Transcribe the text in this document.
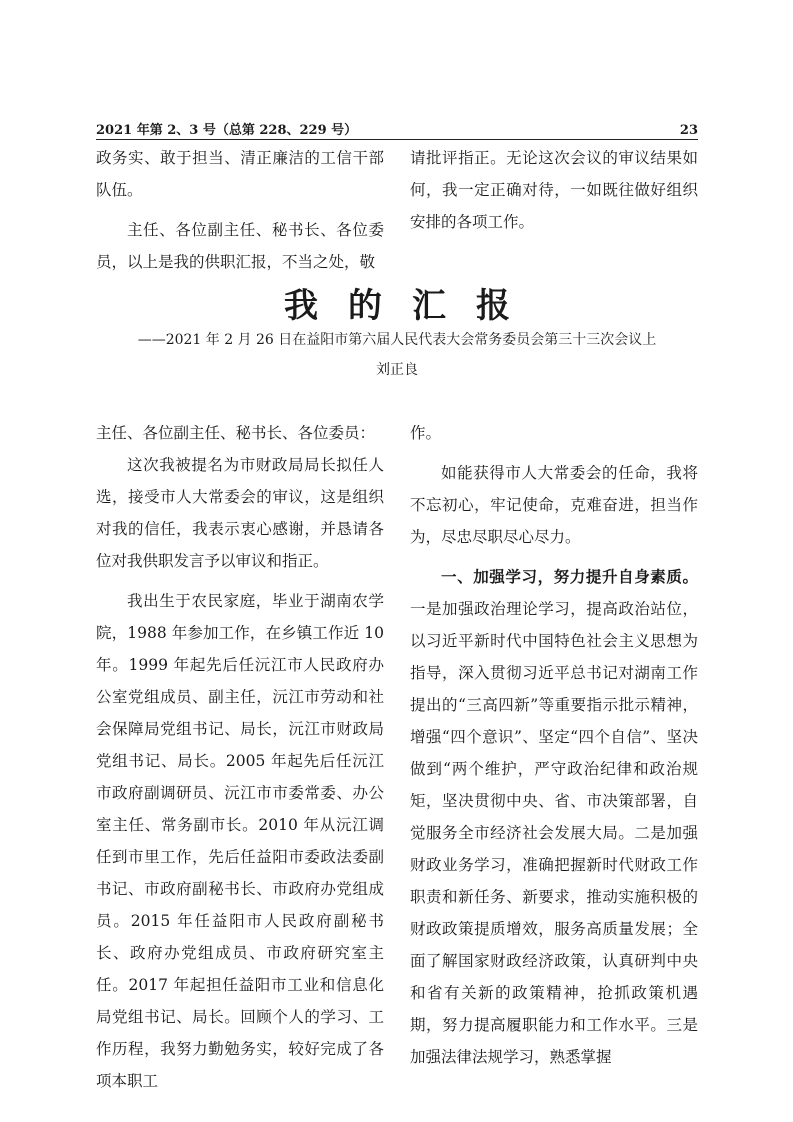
2021 年第 2、3 号（总第 228、229 号）	23

政务实、敢于担当、清正廉洁的工信干部队伍。

主任、各位副主任、秘书长、各位委员，以上是我的供职汇报，不当之处，敬

请批评指正。无论这次会议的审议结果如何，我一定正确对待，一如既往做好组织安排的各项工作。

我的汇报
——2021 年 2 月 26 日在益阳市第六届人民代表大会常务委员会第三十三次会议上
刘正良

主任、各位副主任、秘书长、各位委员：

这次我被提名为市财政局局长拟任人选，接受市人大常委会的审议，这是组织对我的信任，我表示衷心感谢，并恳请各位对我供职发言予以审议和指正。

我出生于农民家庭，毕业于湖南农学院，1988 年参加工作，在乡镇工作近 10 年。1999 年起先后任沅江市人民政府办公室党组成员、副主任，沅江市劳动和社会保障局党组书记、局长，沅江市财政局党组书记、局长。2005 年起先后任沅江市政府副调研员、沅江市市委常委、办公室主任、常务副市长。2010 年从沅江调任到市里工作，先后任益阳市委政法委副书记、市政府副秘书长、市政府办党组成员。2015 年任益阳市人民政府副秘书长、政府办党组成员、市政府研究室主任。2017 年起担任益阳市工业和信息化局党组书记、局长。回顾个人的学习、工作历程，我努力勤勉务实，较好完成了各项本职工

作。

如能获得市人大常委会的任命，我将不忘初心，牢记使命，克难奋进，担当作为，尽忠尽职尽心尽力。

一、加强学习，努力提升自身素质。一是加强政治理论学习，提高政治站位，以习近平新时代中国特色社会主义思想为指导，深入贯彻习近平总书记对湖南工作提出的“三高四新”等重要指示批示精神，增强“四个意识”、坚定“四个自信”、坚决做到“两个维护，严守政治纪律和政治规矩，坚决贯彻中央、省、市决策部署，自觉服务全市经济社会发展大局。二是加强财政业务学习，准确把握新时代财政工作职责和新任务、新要求，推动实施积极的财政政策提质增效，服务高质量发展；全面了解国家财政经济政策，认真研判中央和省有关新的政策精神，抢抓政策机遇期，努力提高履职能力和工作水平。三是加强法律法规学习，熟悉掌握
